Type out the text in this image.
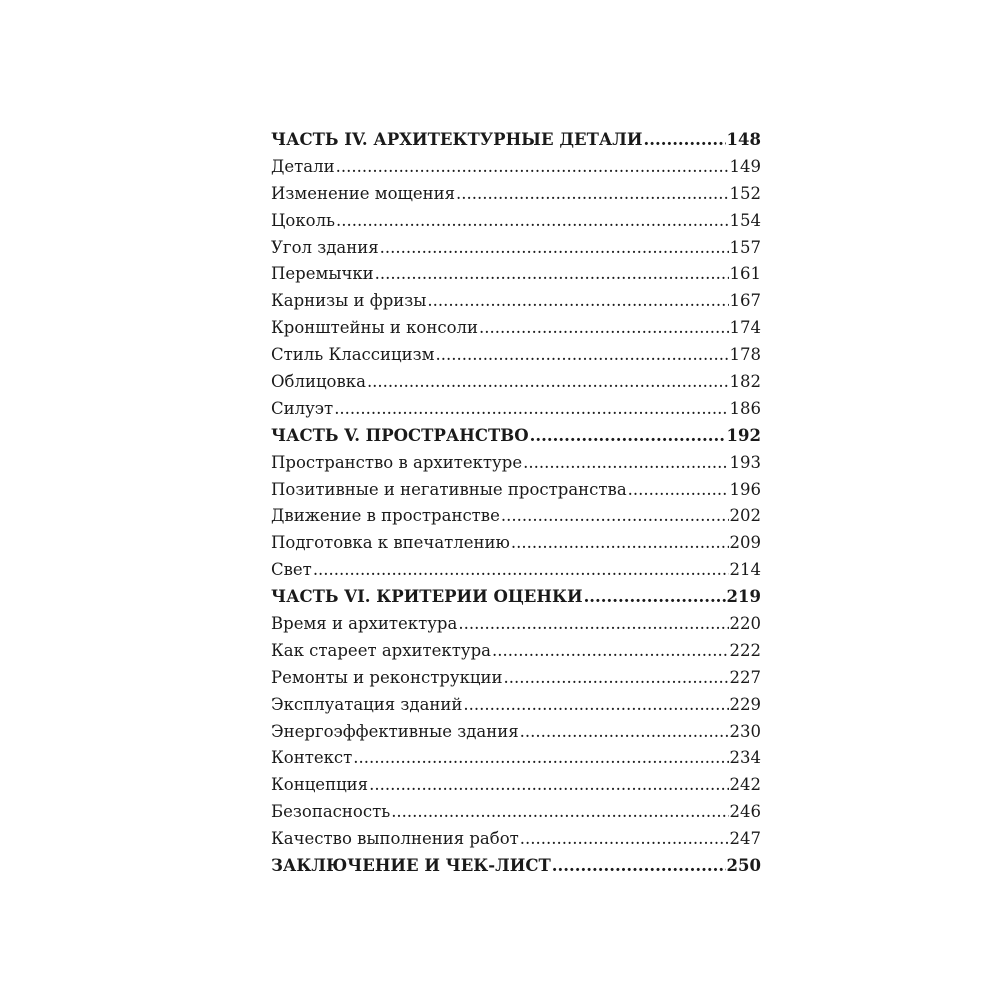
ЧАСТЬ IV. АРХИТЕКТУРНЫЕ ДЕТАЛИ .....	148
Детали .....	149
Изменение мощения .....	152
Цоколь .....	154
Угол здания .....	157
Перемычки .....	161
Карнизы и фризы .....	167
Кронштейны и консоли .....	174
Стиль Классицизм .....	178
Облицовка .....	182
Силуэт .....	186
ЧАСТЬ V. ПРОСТРАНСТВО .....	192
Пространство в архитектуре .....	193
Позитивные и негативные пространства .....	196
Движение в пространстве .....	202
Подготовка к впечатлению .....	209
Свет .....	214
ЧАСТЬ VI. КРИТЕРИИ ОЦЕНКИ .....	219
Время и архитектура .....	220
Как стареет архитектура .....	222
Ремонты и реконструкции .....	227
Эксплуатация зданий .....	229
Энергоэффективные здания .....	230
Контекст .....	234
Концепция .....	242
Безопасность .....	246
Качество выполнения работ .....	247
ЗАКЛЮЧЕНИЕ И ЧЕК-ЛИСТ .....	250
